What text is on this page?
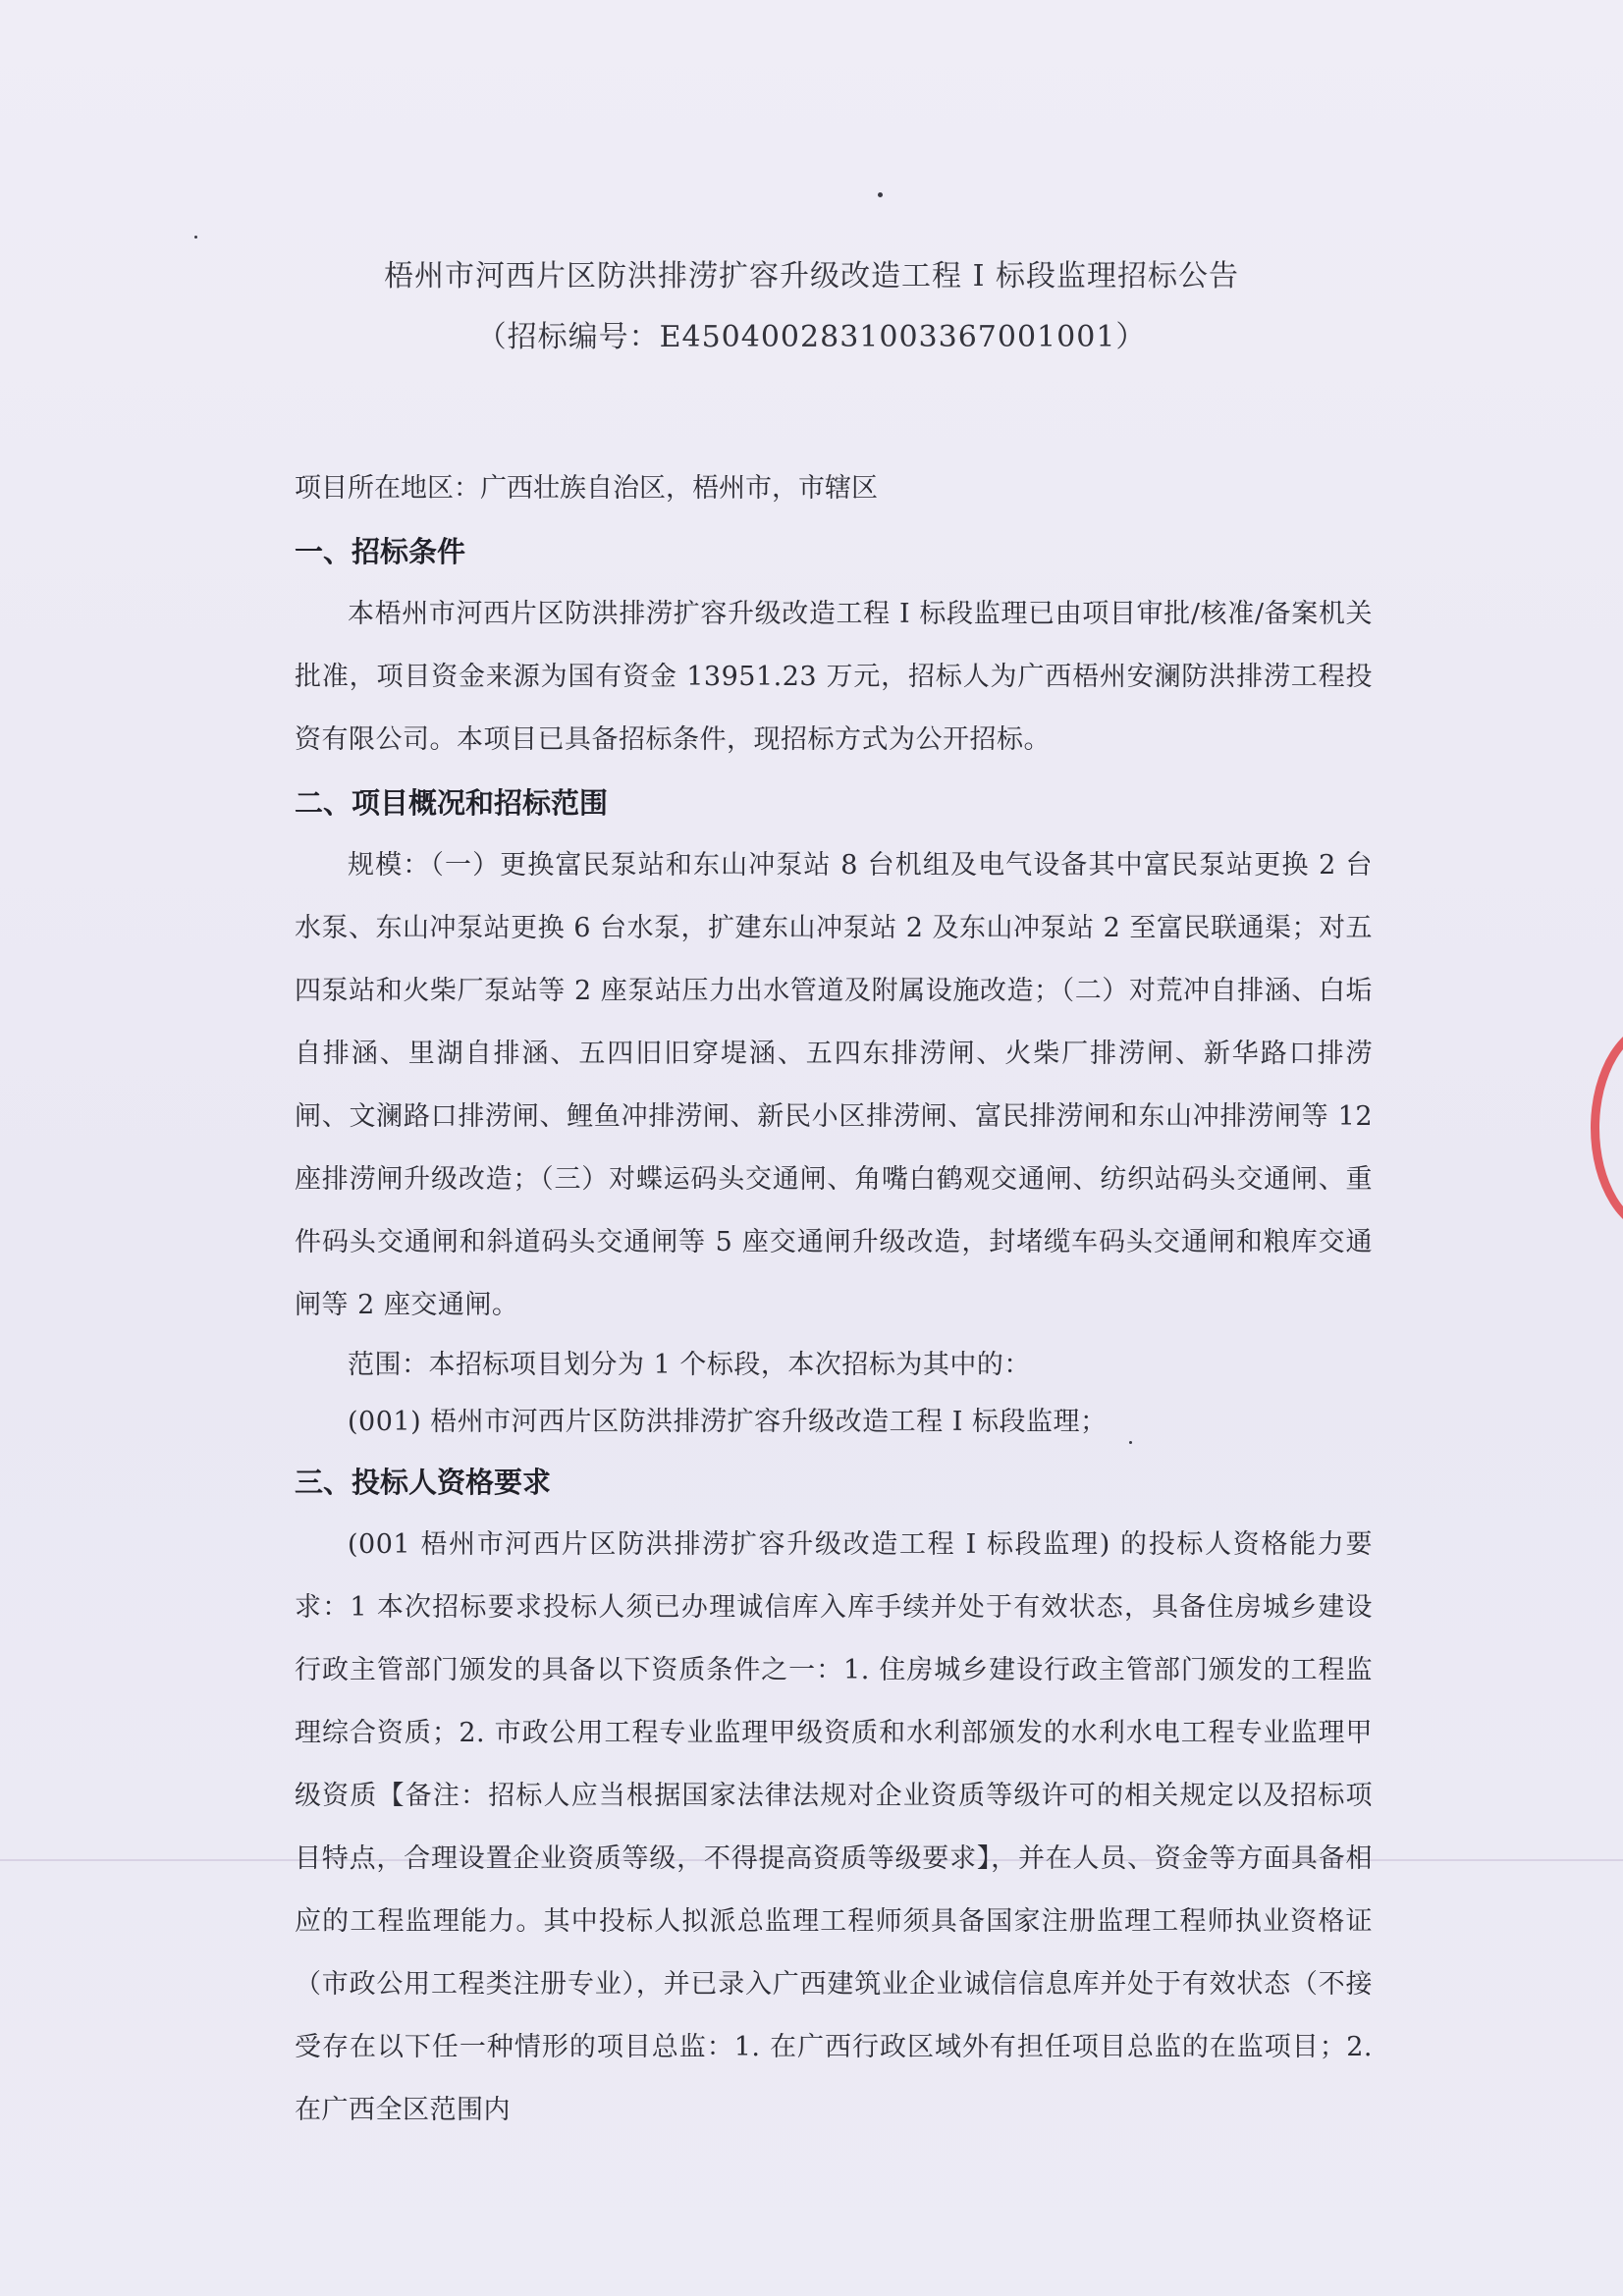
梧州市河西片区防洪排涝扩容升级改造工程 I 标段监理招标公告
（招标编号：E4504002831003367001001）

项目所在地区：广西壮族自治区，梧州市，市辖区

一、招标条件

本梧州市河西片区防洪排涝扩容升级改造工程 I 标段监理已由项目审批/核准/备案机关批准，项目资金来源为国有资金 13951.23 万元，招标人为广西梧州安澜防洪排涝工程投资有限公司。本项目已具备招标条件，现招标方式为公开招标。

二、项目概况和招标范围

规模：（一）更换富民泵站和东山冲泵站 8 台机组及电气设备其中富民泵站更换 2 台水泵、东山冲泵站更换 6 台水泵，扩建东山冲泵站 2 及东山冲泵站 2 至富民联通渠；对五四泵站和火柴厂泵站等 2 座泵站压力出水管道及附属设施改造；（二）对荒冲自排涵、白垢自排涵、里湖自排涵、五四旧旧穿堤涵、五四东排涝闸、火柴厂排涝闸、新华路口排涝闸、文澜路口排涝闸、鲤鱼冲排涝闸、新民小区排涝闸、富民排涝闸和东山冲排涝闸等 12 座排涝闸升级改造；（三）对蝶运码头交通闸、角嘴白鹤观交通闸、纺织站码头交通闸、重件码头交通闸和斜道码头交通闸等 5 座交通闸升级改造，封堵缆车码头交通闸和粮库交通闸等 2 座交通闸。

范围：本招标项目划分为 1 个标段，本次招标为其中的：

(001) 梧州市河西片区防洪排涝扩容升级改造工程 I 标段监理；

三、投标人资格要求

(001 梧州市河西片区防洪排涝扩容升级改造工程 I 标段监理) 的投标人资格能力要求：1 本次招标要求投标人须已办理诚信库入库手续并处于有效状态，具备住房城乡建设行政主管部门颁发的具备以下资质条件之一：1. 住房城乡建设行政主管部门颁发的工程监理综合资质；2. 市政公用工程专业监理甲级资质和水利部颁发的水利水电工程专业监理甲级资质【备注：招标人应当根据国家法律法规对企业资质等级许可的相关规定以及招标项目特点，合理设置企业资质等级，不得提高资质等级要求】，并在人员、资金等方面具备相应的工程监理能力。其中投标人拟派总监理工程师须具备国家注册监理工程师执业资格证（市政公用工程类注册专业），并已录入广西建筑业企业诚信信息库并处于有效状态（不接受存在以下任一种情形的项目总监：1. 在广西行政区域外有担任项目总监的在监项目；2. 在广西全区范围内
